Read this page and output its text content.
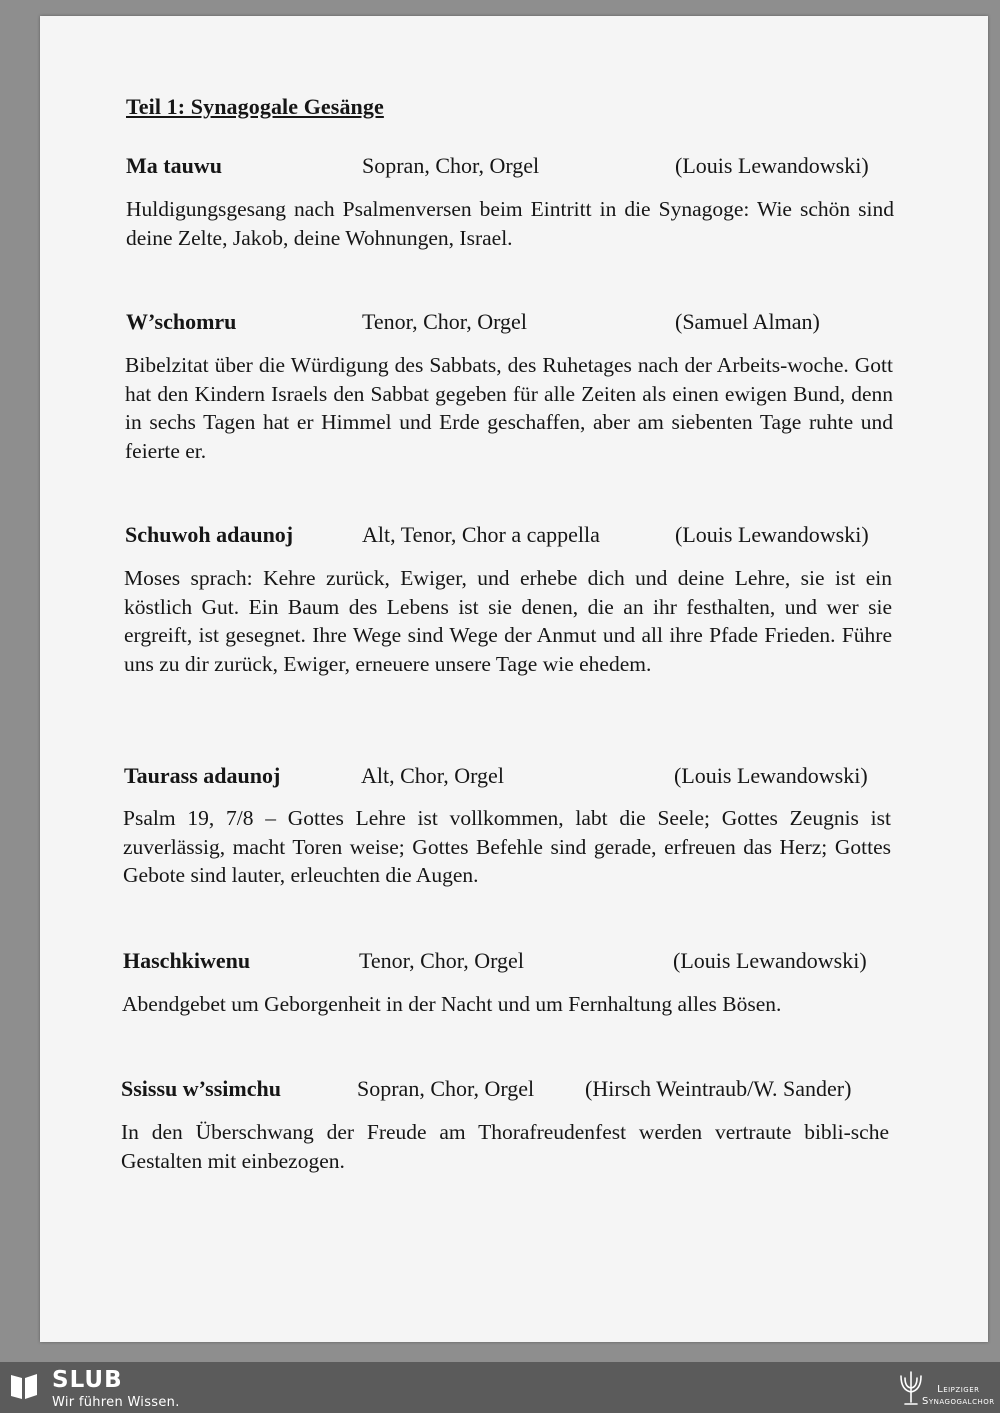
Teil 1: Synagogale Gesänge
Ma tauwu	Sopran, Chor, Orgel	(Louis Lewandowski)
Huldigungsgesang nach Psalmenversen beim Eintritt in die Synagoge: Wie schön sind deine Zelte, Jakob, deine Wohnungen, Israel.
W’schomru	Tenor, Chor, Orgel	(Samuel Alman)
Bibelzitat über die Würdigung des Sabbats, des Ruhetages nach der Arbeits-woche. Gott hat den Kindern Israels den Sabbat gegeben für alle Zeiten als einen ewigen Bund, denn in sechs Tagen hat er Himmel und Erde geschaffen, aber am siebenten Tage ruhte und feierte er.
Schuwoh adaunoj	Alt, Tenor, Chor a cappella	(Louis Lewandowski)
Moses sprach: Kehre zurück, Ewiger, und erhebe dich und deine Lehre, sie ist ein köstlich Gut. Ein Baum des Lebens ist sie denen, die an ihr festhalten, und wer sie ergreift, ist gesegnet. Ihre Wege sind Wege der Anmut und all ihre Pfade Frieden. Führe uns zu dir zurück, Ewiger, erneuere unsere Tage wie ehedem.
Taurass adaunoj	Alt, Chor, Orgel	(Louis Lewandowski)
Psalm 19, 7/8 – Gottes Lehre ist vollkommen, labt die Seele; Gottes Zeugnis ist zuverlässig, macht Toren weise; Gottes Befehle sind gerade, erfreuen das Herz; Gottes Gebote sind lauter, erleuchten die Augen.
Haschkiwenu	Tenor, Chor, Orgel	(Louis Lewandowski)
Abendgebet um Geborgenheit in der Nacht und um Fernhaltung alles Bösen.
Ssissu w’ssimchu	Sopran, Chor, Orgel (Hirsch Weintraub/W. Sander)
In den Überschwang der Freude am Thorafreudenfest werden vertraute bibli-sche Gestalten mit einbezogen.
SLUB
Wir führen Wissen.
Leipziger
Synagogalchor
